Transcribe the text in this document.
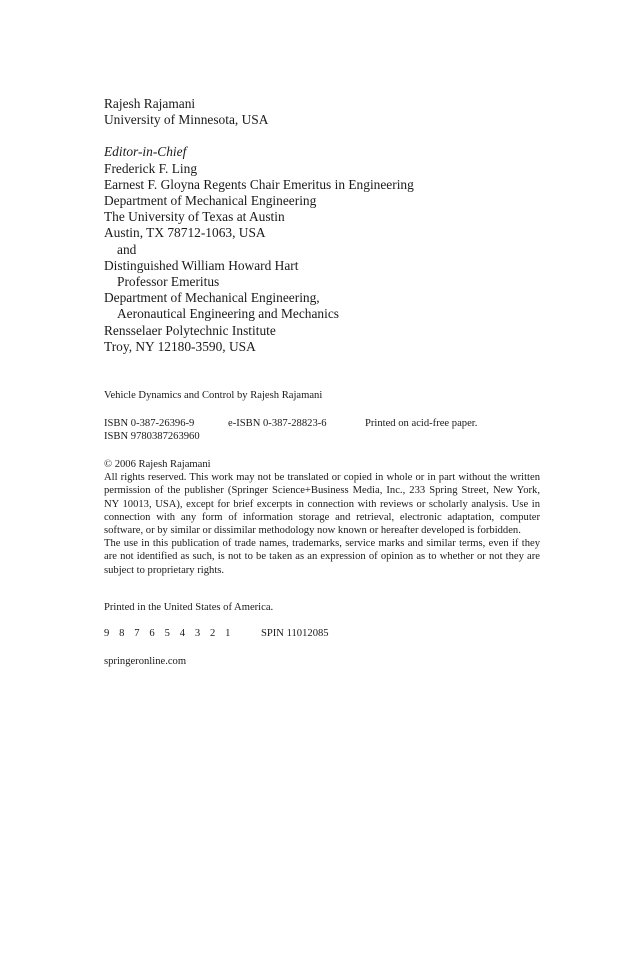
Rajesh Rajamani
University of Minnesota, USA
Editor-in-Chief
Frederick F. Ling
Earnest F. Gloyna Regents Chair Emeritus in Engineering
Department of Mechanical Engineering
The University of Texas at Austin
Austin, TX 78712-1063, USA
and
Distinguished William Howard Hart
Professor Emeritus
Department of Mechanical Engineering,
Aeronautical Engineering and Mechanics
Rensselaer Polytechnic Institute
Troy, NY 12180-3590, USA
Vehicle Dynamics and Control by Rajesh Rajamani
ISBN 0-387-26396-9	e-ISBN 0-387-28823-6	Printed on acid-free paper.
ISBN 9780387263960

© 2006 Rajesh Rajamani

All rights reserved. This work may not be translated or copied in whole or in part without the written permission of the publisher (Springer Science+Business Media, Inc., 233 Spring Street, New York, NY 10013, USA), except for brief excerpts in connection with reviews or scholarly analysis. Use in connection with any form of information storage and retrieval, electronic adaptation, computer software, or by similar or dissimilar methodology now known or hereafter developed is forbidden.

The use in this publication of trade names, trademarks, service marks and similar terms, even if they are not identified as such, is not to be taken as an expression of opinion as to whether or not they are subject to proprietary rights.

Printed in the United States of America.
9 8 7 6 5 4 3 2 1	SPIN 11012085
springeronline.com
